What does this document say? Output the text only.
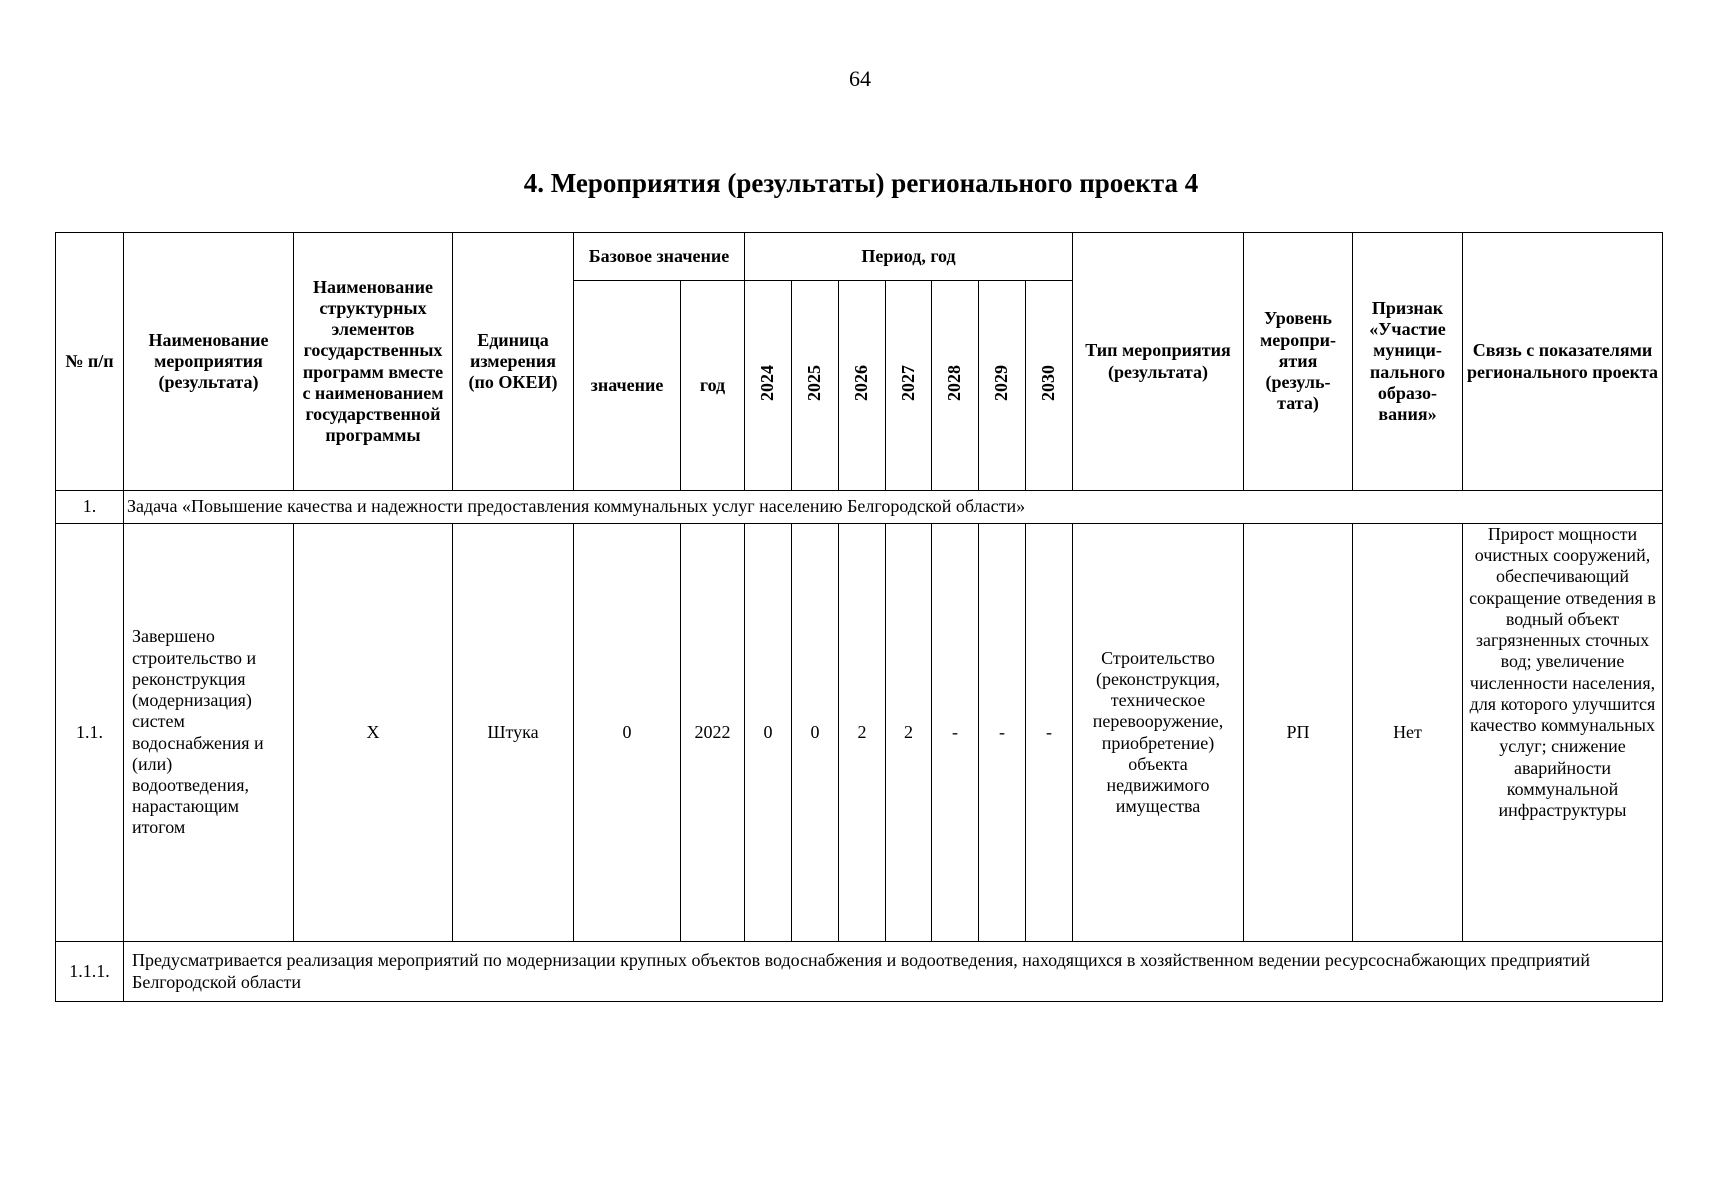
64
4. Мероприятия (результаты) регионального проекта 4
№ п/п	Наименование мероприятия (результата)	Наименование структурных элементов государственных программ вместе с наименованием государственной программы	Единица измерения (по ОКЕИ)	Базовое значение		Период, год							Тип мероприятия (результата)	Уровень меропри-ятия (резуль-тата)	Признак «Участие муници-пального образо-вания»	Связь с показателями регионального проекта
				значение	год	2024	2025	2026	2027	2028	2029	2030				
1.	Задача «Повышение качества и надежности предоставления коммунальных услуг населению Белгородской области»															
1.1.	Завершено строительство и реконструкция (модернизация) систем водоснабжения и (или) водоотведения, нарастающим итогом	Х	Штука	0	2022	0	0	2	2	-	-	-	Строительство (реконструкция, техническое перевооружение, приобретение) объекта недвижимого имущества	РП	Нет	Прирост мощности очистных сооружений, обеспечивающий сокращение отведения в водный объект загрязненных сточных вод; увеличение численности населения, для которого улучшится качество коммунальных услуг; снижение аварийности коммунальной инфраструктуры
1.1.1.	Предусматривается реализация мероприятий по модернизации крупных объектов водоснабжения и водоотведения, находящихся в хозяйственном ведении ресурсоснабжающих предприятий Белгородской области															
